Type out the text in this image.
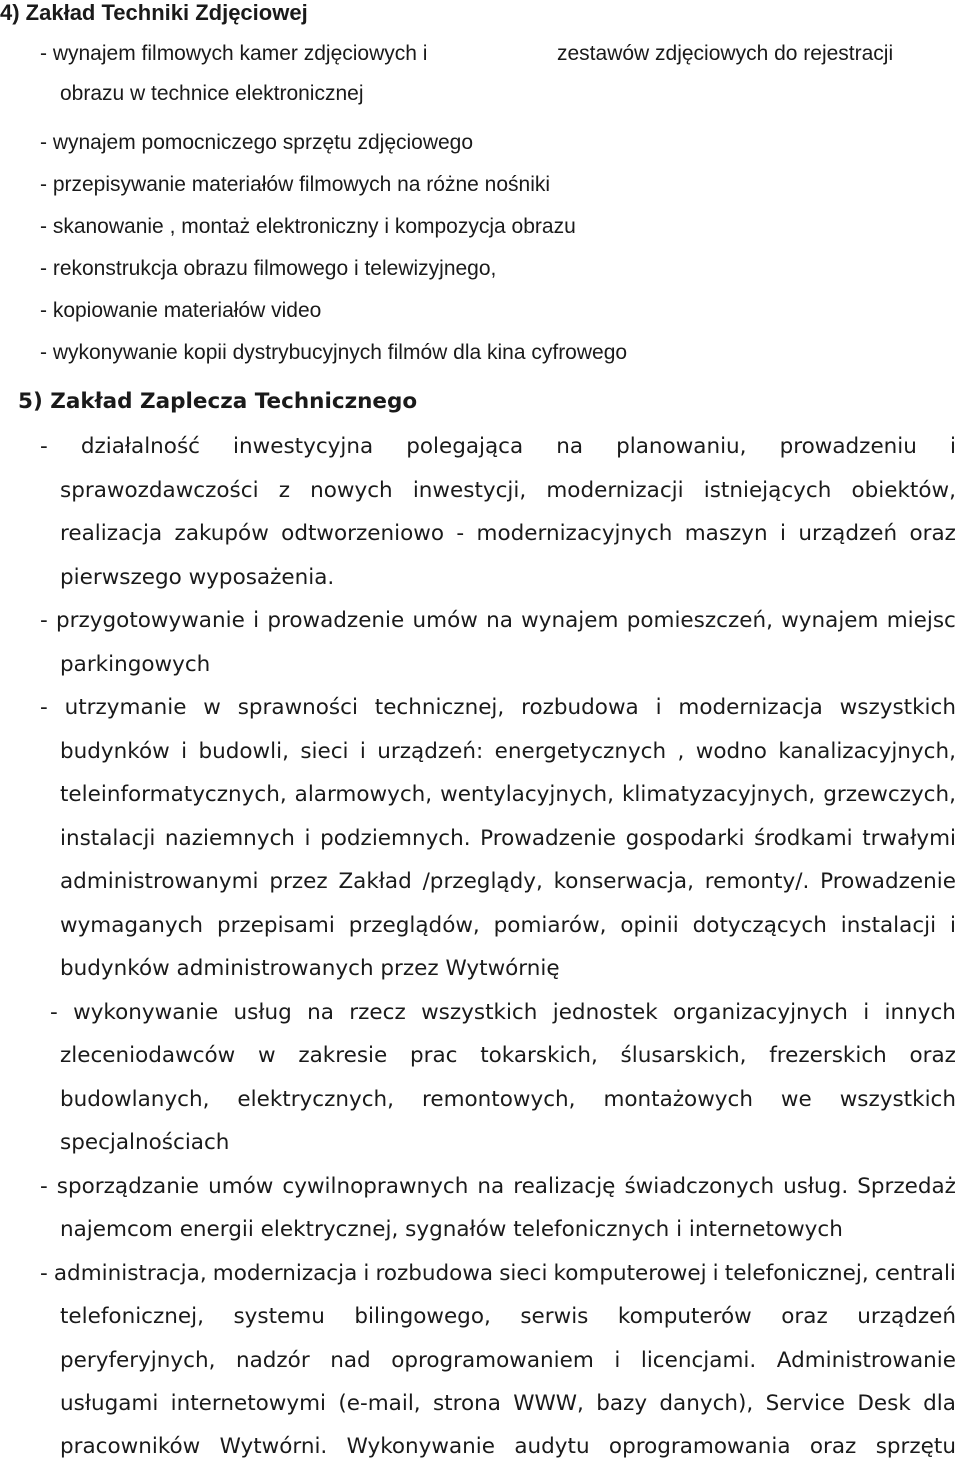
4) Zakład Techniki Zdjęciowej
- wynajem filmowych kamer zdjęciowych i	zestawów zdjęciowych do rejestracji
obrazu w technice elektronicznej
- wynajem pomocniczego sprzętu zdjęciowego
- przepisywanie materiałów filmowych na różne nośniki
- skanowanie , montaż elektroniczny i kompozycja obrazu
- rekonstrukcja obrazu filmowego i telewizyjnego,
- kopiowanie materiałów video
- wykonywanie kopii dystrybucyjnych filmów dla kina cyfrowego
5) Zakład Zaplecza Technicznego
- działalność inwestycyjna polegająca na planowaniu, prowadzeniu i
sprawozdawczości z nowych inwestycji, modernizacji istniejących obiektów,
realizacja zakupów odtworzeniowo - modernizacyjnych maszyn i urządzeń oraz
pierwszego wyposażenia.
- przygotowywanie i prowadzenie umów na wynajem pomieszczeń, wynajem miejsc
parkingowych
- utrzymanie w sprawności technicznej, rozbudowa i modernizacja wszystkich
budynków i budowli, sieci i urządzeń: energetycznych , wodno kanalizacyjnych,
teleinformatycznych, alarmowych, wentylacyjnych, klimatyzacyjnych, grzewczych,
instalacji naziemnych i podziemnych. Prowadzenie gospodarki środkami trwałymi
administrowanymi przez Zakład /przeglądy, konserwacja, remonty/. Prowadzenie
wymaganych przepisami przeglądów, pomiarów, opinii dotyczących instalacji i
budynków administrowanych przez Wytwórnię
- wykonywanie usług na rzecz wszystkich jednostek organizacyjnych i innych
zleceniodawców w zakresie prac tokarskich, ślusarskich, frezerskich oraz
budowlanych, elektrycznych, remontowych, montażowych we wszystkich
specjalnościach
- sporządzanie umów cywilnoprawnych na realizację świadczonych usług. Sprzedaż
najemcom energii elektrycznej, sygnałów telefonicznych i internetowych
- administracja, modernizacja i rozbudowa sieci komputerowej i telefonicznej, centrali
telefonicznej, systemu bilingowego, serwis komputerów oraz urządzeń
peryferyjnych, nadzór nad oprogramowaniem i licencjami. Administrowanie
usługami internetowymi (e-mail, strona WWW, bazy danych), Service Desk dla
pracowników Wytwórni. Wykonywanie audytu oprogramowania oraz sprzętu
